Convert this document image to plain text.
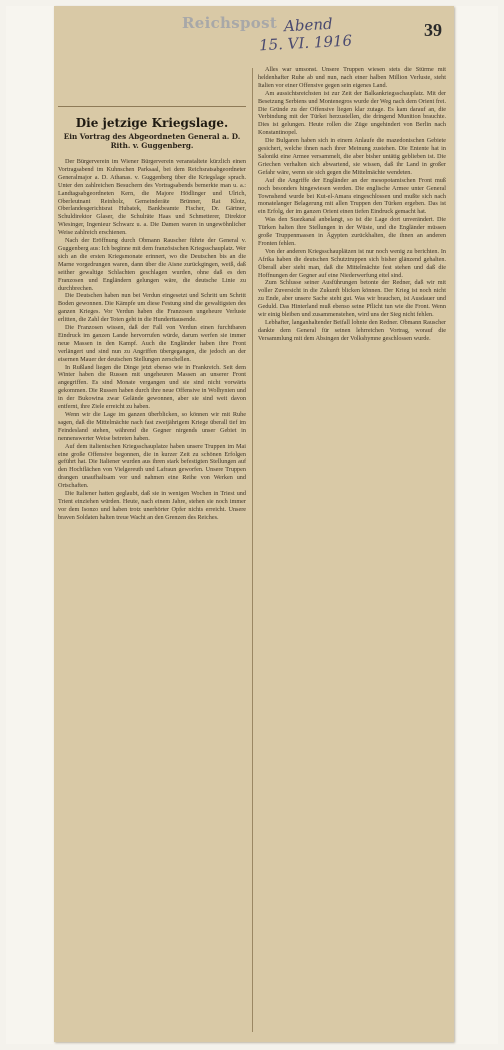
Reichspost Abend
15. VI. 1916
39
Die jetzige Kriegslage.
Ein Vortrag des Abgeordneten General a. D. Rith. v. Guggenberg.

Der Bürgerverein im Wiener Bürgerverein veranstaltete kürzlich einen Vortragsabend im Kuhnschen Parksaal, bei dem Reichsratsabgeordneter Generalmajor a. D. Athanas. v. Guggenberg über die Kriegslage sprach. Unter den zahlreichen Besuchern des Vortragsabends bemerkte man u. a.: Landtagsabgeordneten Kern, die Majore Hödlinger und Ulrich, Oberleutnant Reinholz, Gemeinderäte Brünner, Rat Klotz, Oberlandesgerichtsrat Hubatek, Bankbeamte Fischer, Dr. Gärtner, Schuldirektor Glaser, die Schulräte Haas und Schmetterer, Direktor Wiesinger, Ingenieur Schwarz u. a. Die Damen waren in ungewöhnlicher Weise zahlreich erschienen.

Nach der Eröffnung durch Obmann Rauscher führte der General v. Guggenberg aus: Ich beginne mit dem französischen Kriegsschauplatz. Wer sich an die ersten Kriegsmonate erinnert, wo die Deutschen bis an die Marne vorgedrungen waren, dann über die Aisne zurückgingen, weiß, daß seither gewaltige Schlachten geschlagen wurden, ohne daß es den Franzosen und Engländern gelungen wäre, die deutsche Linie zu durchbrechen.

Die Deutschen haben nun bei Verdun eingesetzt und Schritt um Schritt Boden gewonnen. Die Kämpfe um diese Festung sind die gewaltigsten des ganzen Krieges. Vor Verdun haben die Franzosen ungeheure Verluste erlitten, die Zahl der Toten geht in die Hunderttausende.

Die Franzosen wissen, daß der Fall von Verdun einen furchtbaren Eindruck im ganzen Lande hervorrufen würde, darum werfen sie immer neue Massen in den Kampf. Auch die Engländer haben ihre Front verlängert und sind nun zu Angriffen übergegangen, die jedoch an der eisernen Mauer der deutschen Stellungen zerschellen.

In Rußland liegen die Dinge jetzt ebenso wie in Frankreich. Seit dem Winter haben die Russen mit ungeheuren Massen an unserer Front angegriffen. Es sind Monate vergangen und sie sind nicht vorwärts gekommen. Die Russen haben durch ihre neue Offensive in Wolhynien und in der Bukowina zwar Gelände gewonnen, aber sie sind weit davon entfernt, ihre Ziele erreicht zu haben.

Wenn wir die Lage im ganzen überblicken, so können wir mit Ruhe sagen, daß die Mittelmächte nach fast zweijährigem Kriege überall tief im Feindesland stehen, während die Gegner nirgends unser Gebiet in nennenswerter Weise betreten haben.

Auf dem italienischen Kriegsschauplatze haben unsere Truppen im Mai eine große Offensive begonnen, die in kurzer Zeit zu schönen Erfolgen geführt hat. Die Italiener wurden aus ihren stark befestigten Stellungen auf den Hochflächen von Vielgereuth und Lafraun geworfen. Unsere Truppen drangen unaufhaltsam vor und nahmen eine Reihe von Werken und Ortschaften.

Die Italiener hatten geglaubt, daß sie in wenigen Wochen in Triest und Trient einziehen würden. Heute, nach einem Jahre, stehen sie noch immer vor dem Isonzo und haben trotz unerhörter Opfer nichts erreicht. Unsere braven Soldaten halten treue Wacht an den Grenzen des Reiches.

Alles war umsonst. Unsere Truppen wiesen stets die Stürme mit heldenhafter Ruhe ab und nun, nach einer halben Million Verluste, steht Italien vor einer Offensive gegen sein eigenes Land.

Am aussichtsreichsten ist zur Zeit der Balkankriegsschauplatz. Mit der Besetzung Serbiens und Montenegros wurde der Weg nach dem Orient frei. Die Gründe zu der Offensive liegen klar zutage. Es kam darauf an, die Verbindung mit der Türkei herzustellen, die dringend Munition brauchte. Dies ist gelungen. Heute rollen die Züge ungehindert von Berlin nach Konstantinopel.

Die Bulgaren haben sich in einem Anlaufe die mazedonischen Gebiete gesichert, welche ihnen nach ihrer Meinung zustehen. Die Entente hat in Saloniki eine Armee versammelt, die aber bisher untätig geblieben ist. Die Griechen verhalten sich abwartend, sie wissen, daß ihr Land in großer Gefahr wäre, wenn sie sich gegen die Mittelmächte wendeten.

Auf die Angriffe der Engländer an der mesopotamischen Front muß noch besonders hingewiesen werden. Die englische Armee unter General Townshend wurde bei Kut-el-Amara eingeschlossen und mußte sich nach monatelanger Belagerung mit allen Truppen den Türken ergeben. Das ist ein Erfolg, der im ganzen Orient einen tiefen Eindruck gemacht hat.

Was den Suezkanal anbelangt, so ist die Lage dort unverändert. Die Türken halten ihre Stellungen in der Wüste, und die Engländer müssen große Truppenmassen in Ägypten zurückhalten, die ihnen an anderen Fronten fehlen.

Von der anderen Kriegsschauplätzen ist nur noch wenig zu berichten. In Afrika haben die deutschen Schutztruppen sich bisher glänzend gehalten. Überall aber sieht man, daß die Mittelmächte fest stehen und daß die Hoffnungen der Gegner auf eine Niederwerfung eitel sind.

Zum Schlusse seiner Ausführungen betonte der Redner, daß wir mit voller Zuversicht in die Zukunft blicken können. Der Krieg ist noch nicht zu Ende, aber unsere Sache steht gut. Was wir brauchen, ist Ausdauer und Geduld. Das Hinterland muß ebenso seine Pflicht tun wie die Front. Wenn wir einig bleiben und zusammenstehen, wird uns der Sieg nicht fehlen.

Lebhafter, langanhaltender Beifall lohnte den Redner. Obmann Rauscher dankte dem General für seinen lehrreichen Vortrag, worauf die Versammlung mit dem Absingen der Volkshymne geschlossen wurde.
